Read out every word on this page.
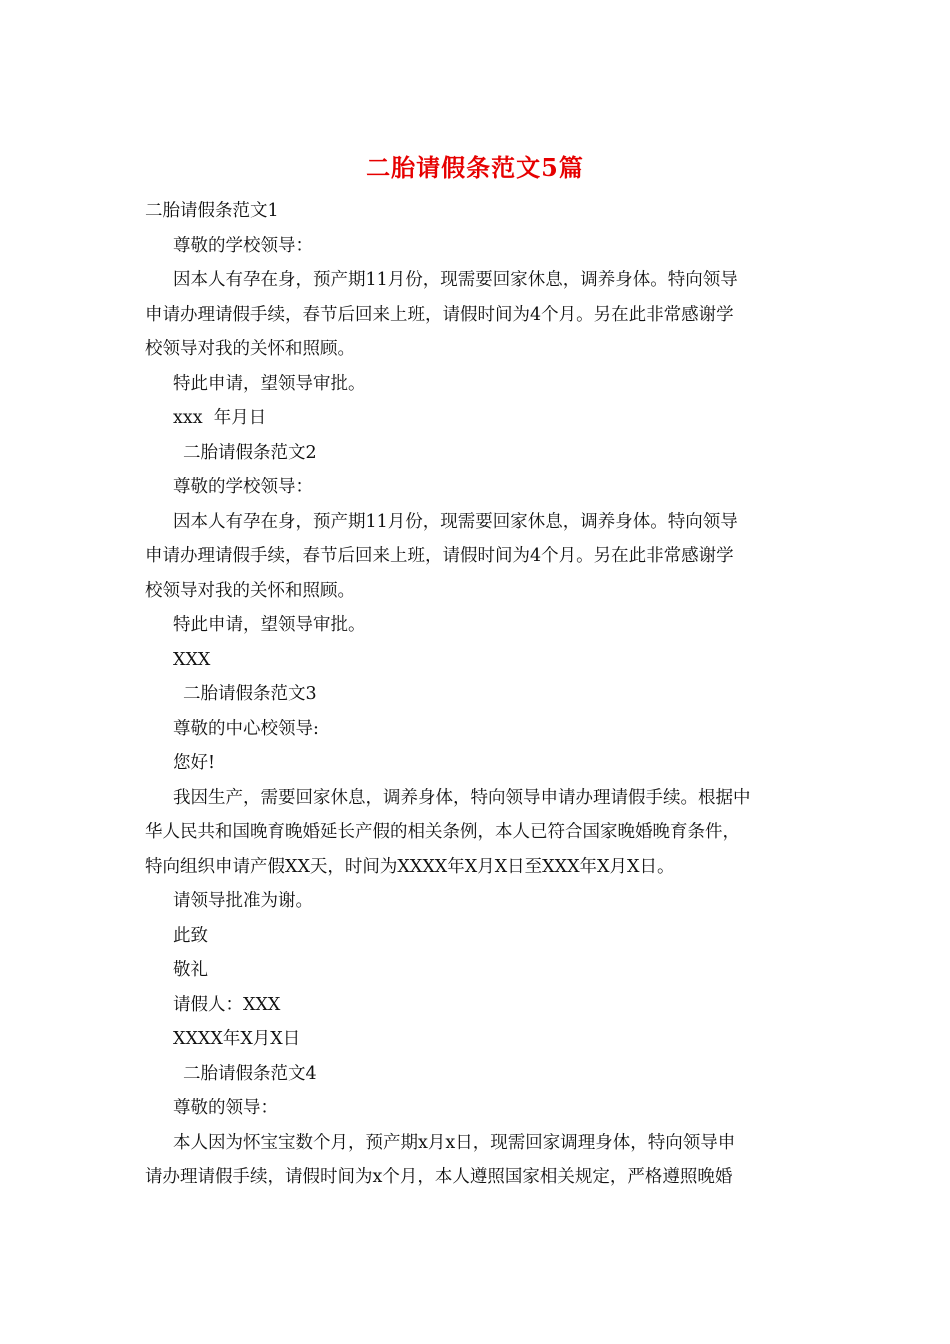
二胎请假条范文5篇
二胎请假条范文1
尊敬的学校领导：
因本人有孕在身，预产期11月份，现需要回家休息，调养身体。特向领导
申请办理请假手续，春节后回来上班，请假时间为4个月。另在此非常感谢学
校领导对我的关怀和照顾。
特此申请，望领导审批。
xxx  年月日
二胎请假条范文2
尊敬的学校领导：
因本人有孕在身，预产期11月份，现需要回家休息，调养身体。特向领导
申请办理请假手续，春节后回来上班，请假时间为4个月。另在此非常感谢学
校领导对我的关怀和照顾。
特此申请，望领导审批。
XXX
二胎请假条范文3
尊敬的中心校领导:
您好!
我因生产，需要回家休息，调养身体，特向领导申请办理请假手续。根据中
华人民共和国晚育晚婚延长产假的相关条例，本人已符合国家晚婚晚育条件，
特向组织申请产假XX天，时间为XXXX年X月X日至XXX年X月X日。
请领导批准为谢。
此致
敬礼
请假人：XXX
XXXX年X月X日
二胎请假条范文4
尊敬的领导：
本人因为怀宝宝数个月，预产期x月x日，现需回家调理身体，特向领导申
请办理请假手续，请假时间为x个月，本人遵照国家相关规定，严格遵照晚婚
